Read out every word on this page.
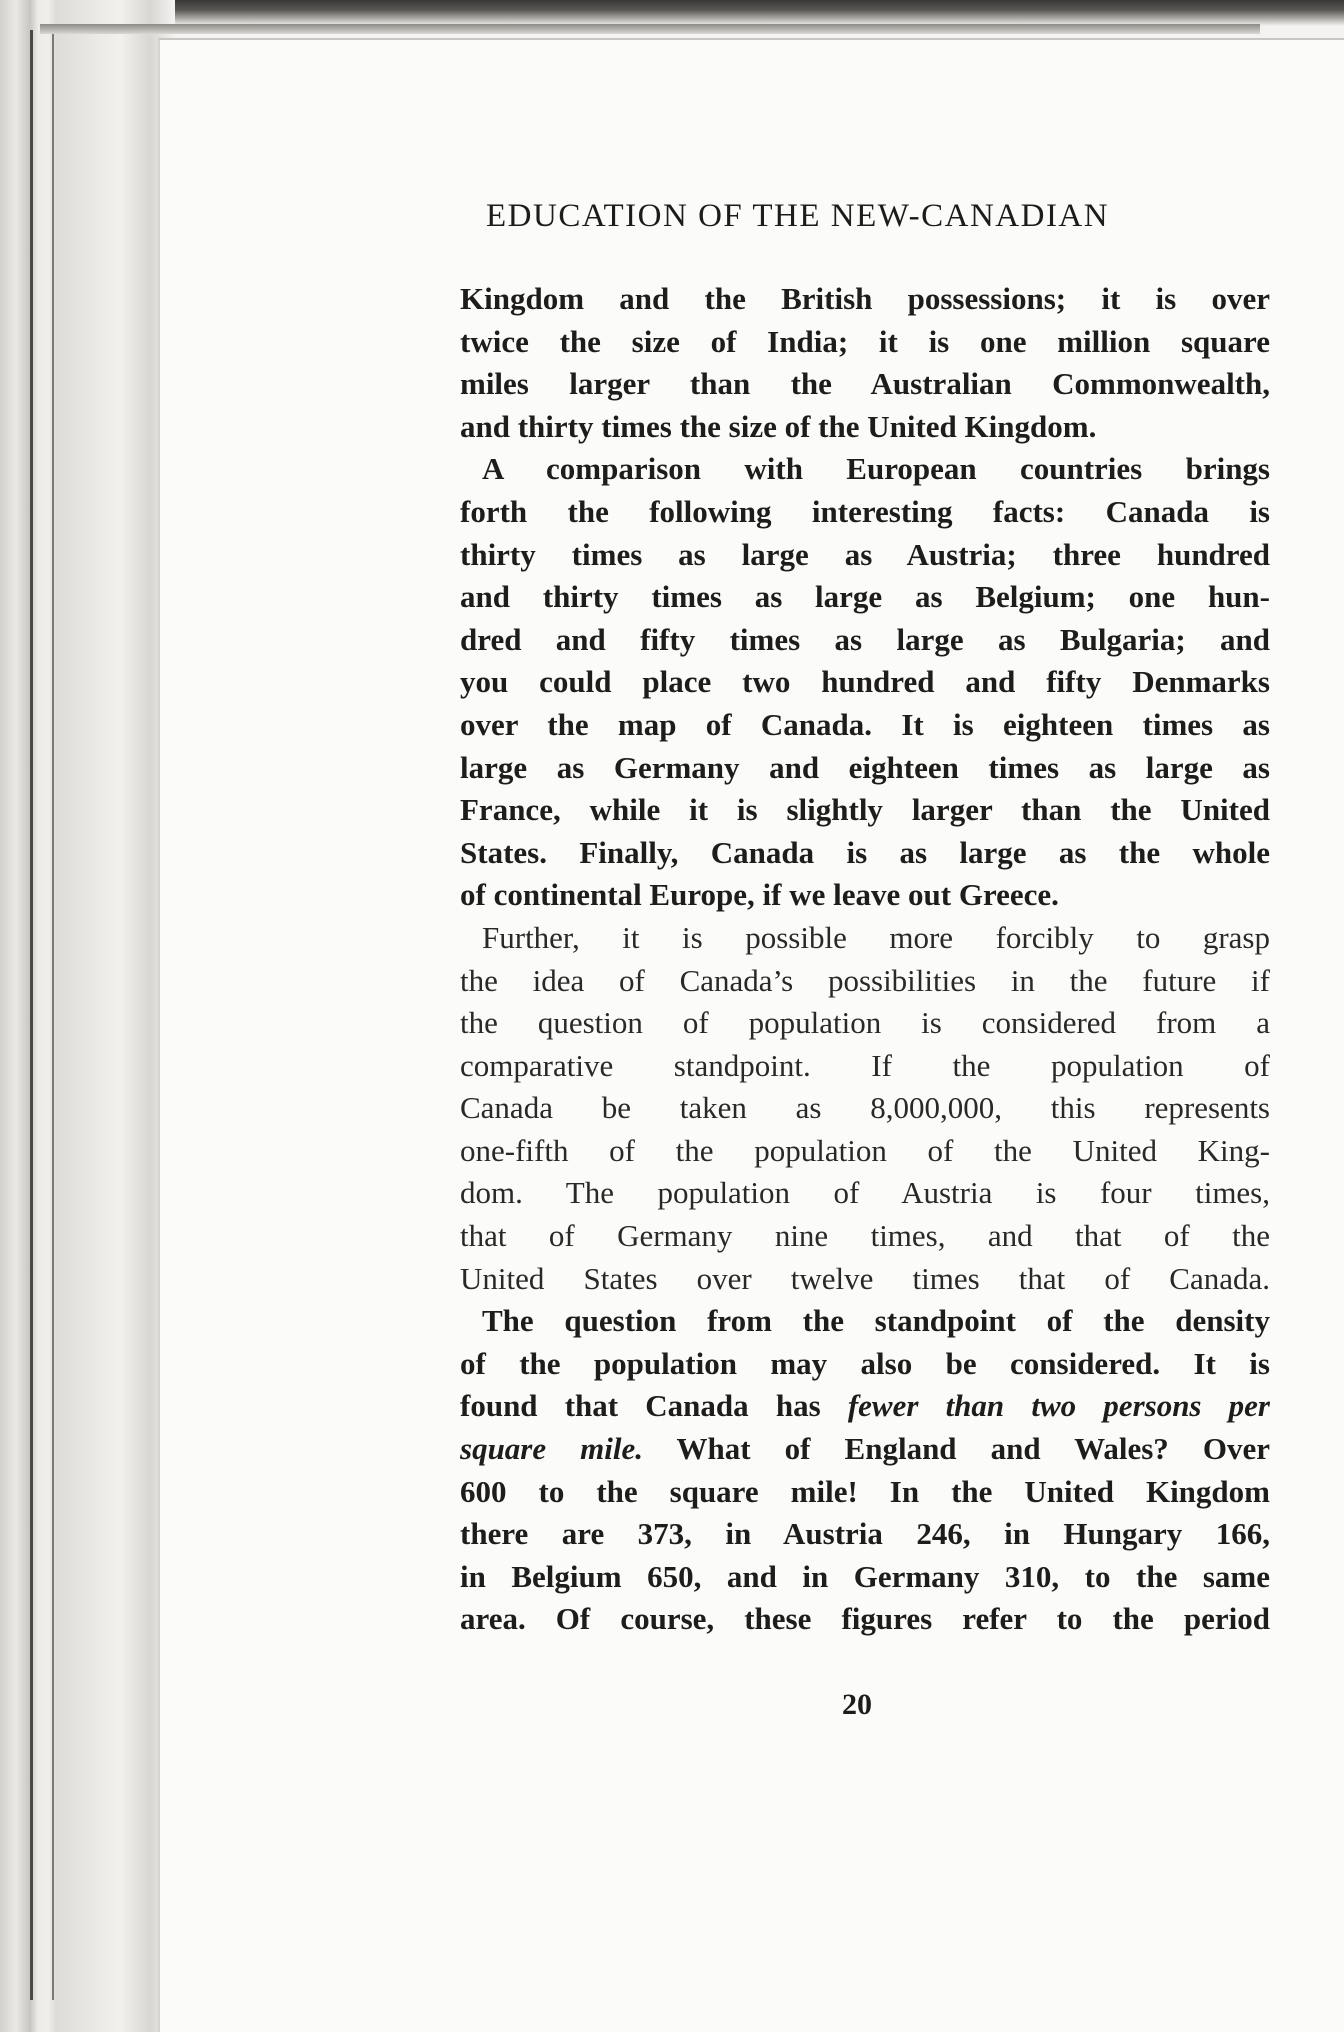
EDUCATION OF THE NEW-CANADIAN
Kingdom and the British possessions; it is over
twice the size of India; it is one million square
miles larger than the Australian Commonwealth,
and thirty times the size of the United Kingdom.
A comparison with European countries brings
forth the following interesting facts: Canada is
thirty times as large as Austria; three hundred
and thirty times as large as Belgium; one hun-
dred and fifty times as large as Bulgaria; and
you could place two hundred and fifty Denmarks
over the map of Canada. It is eighteen times as
large as Germany and eighteen times as large as
France, while it is slightly larger than the United
States. Finally, Canada is as large as the whole
of continental Europe, if we leave out Greece.
Further, it is possible more forcibly to grasp
the idea of Canada’s possibilities in the future if
the question of population is considered from a
comparative standpoint. If the population of
Canada be taken as 8,000,000, this represents
one-fifth of the population of the United King-
dom. The population of Austria is four times,
that of Germany nine times, and that of the
United States over twelve times that of Canada.
The question from the standpoint of the density
of the population may also be considered. It is
found that Canada has fewer than two persons per
square mile. What of England and Wales? Over
600 to the square mile! In the United Kingdom
there are 373, in Austria 246, in Hungary 166,
in Belgium 650, and in Germany 310, to the same
area. Of course, these figures refer to the period
20
